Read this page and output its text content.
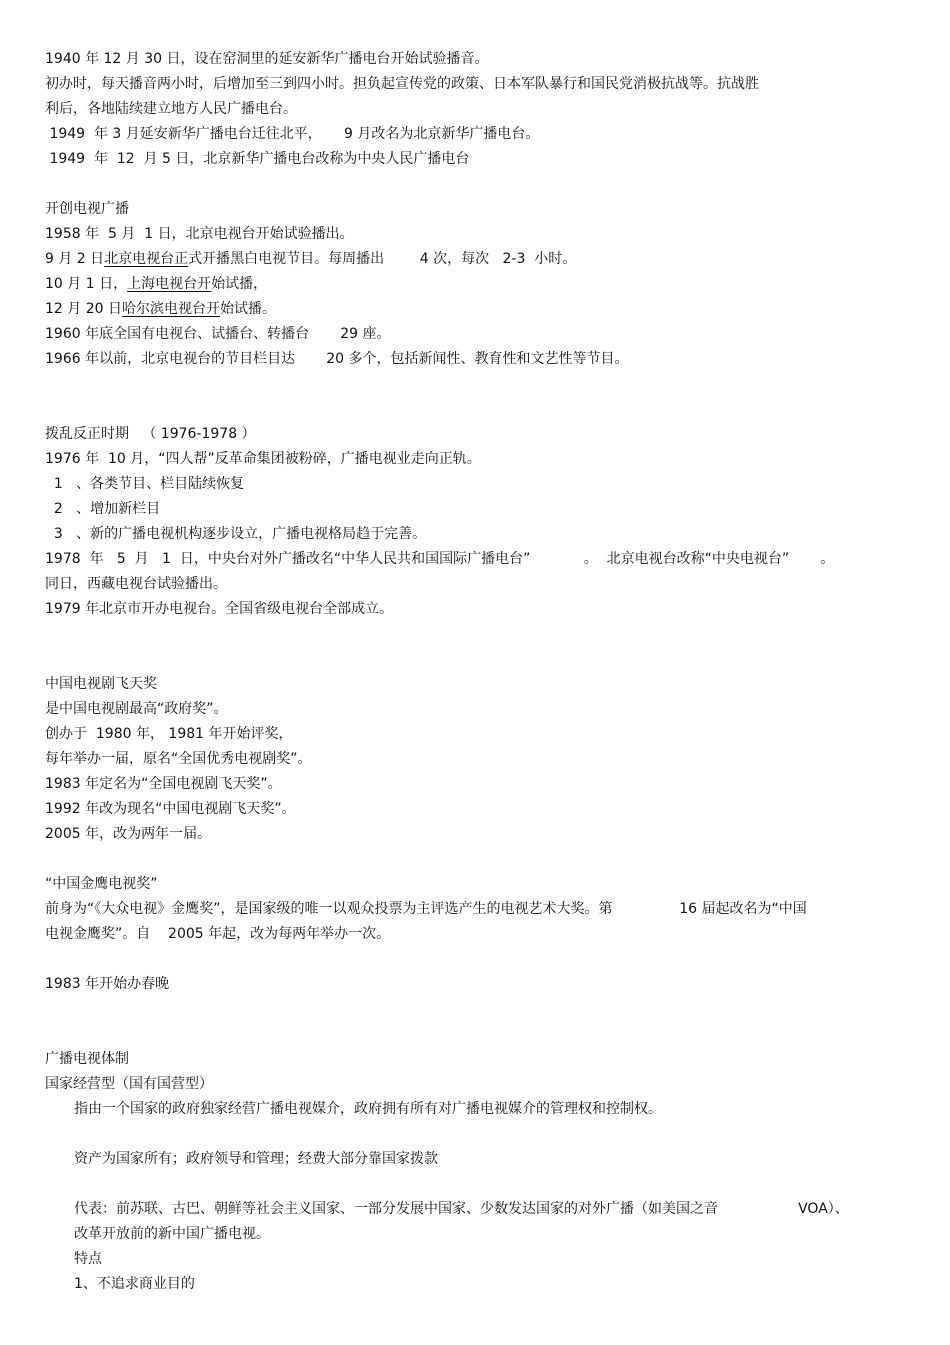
1940 年 12 月 30 日，设在窑洞里的延安新华广播电台开始试验播音。
初办时，每天播音两小时，后增加至三到四小时。担负起宣传党的政策、日本军队暴行和国民党消极抗战等。抗战胜
利后，各地陆续建立地方人民广播电台。
1949  年 3 月延安新华广播电台迁往北平，     9 月改名为北京新华广播电台。
1949  年  12  月 5 日，北京新华广播电台改称为中央人民广播电台
开创电视广播
1958 年  5 月  1 日，北京电视台开始试验播出。
9 月 2 日北京电视台正式开播黑白电视节目。每周播出        4 次，每次   2-3  小时。
10 月 1 日，上海电视台开始试播，
12 月 20 日哈尔滨电视台开始试播。
1960 年底全国有电视台、试播台、转播台       29 座。
1966 年以前，北京电视台的节目栏目达       20 多个，包括新闻性、教育性和文艺性等节目。
拨乱反正时期   （ 1976-1978 ）
1976 年  10 月，“四人帮”反革命集团被粉碎，广播电视业走向正轨。
1   、各类节目、栏目陆续恢复
2   、增加新栏目
3   、新的广播电视机构逐步设立，广播电视格局趋于完善。
1978  年   5  月   1  日，中央台对外广播改名“中华人民共和国国际广播电台”            。  北京电视台改称“中央电视台”       。
同日，西藏电视台试验播出。
1979 年北京市开办电视台。全国省级电视台全部成立。
中国电视剧飞天奖
是中国电视剧最高“政府奖”。
创办于  1980 年， 1981 年开始评奖，
每年举办一届，原名“全国优秀电视剧奖”。
1983 年定名为“全国电视剧飞天奖”。
1992 年改为现名“中国电视剧飞天奖”。
2005 年，改为两年一届。
“中国金鹰电视奖”
前身为“《大众电视》金鹰奖”，是国家级的唯一以观众投票为主评选产生的电视艺术大奖。第               16 届起改名为“中国
电视金鹰奖”。自    2005 年起，改为每两年举办一次。
1983 年开始办春晚
广播电视体制
国家经营型（国有国营型）
指由一个国家的政府独家经营广播电视媒介，政府拥有所有对广播电视媒介的管理权和控制权。
资产为国家所有；政府领导和管理；经费大部分靠国家拨款
代表：前苏联、古巴、朝鲜等社会主义国家、一部分发展中国家、少数发达国家的对外广播（如美国之音                  VOA）、
改革开放前的新中国广播电视。
特点
1、不追求商业目的
